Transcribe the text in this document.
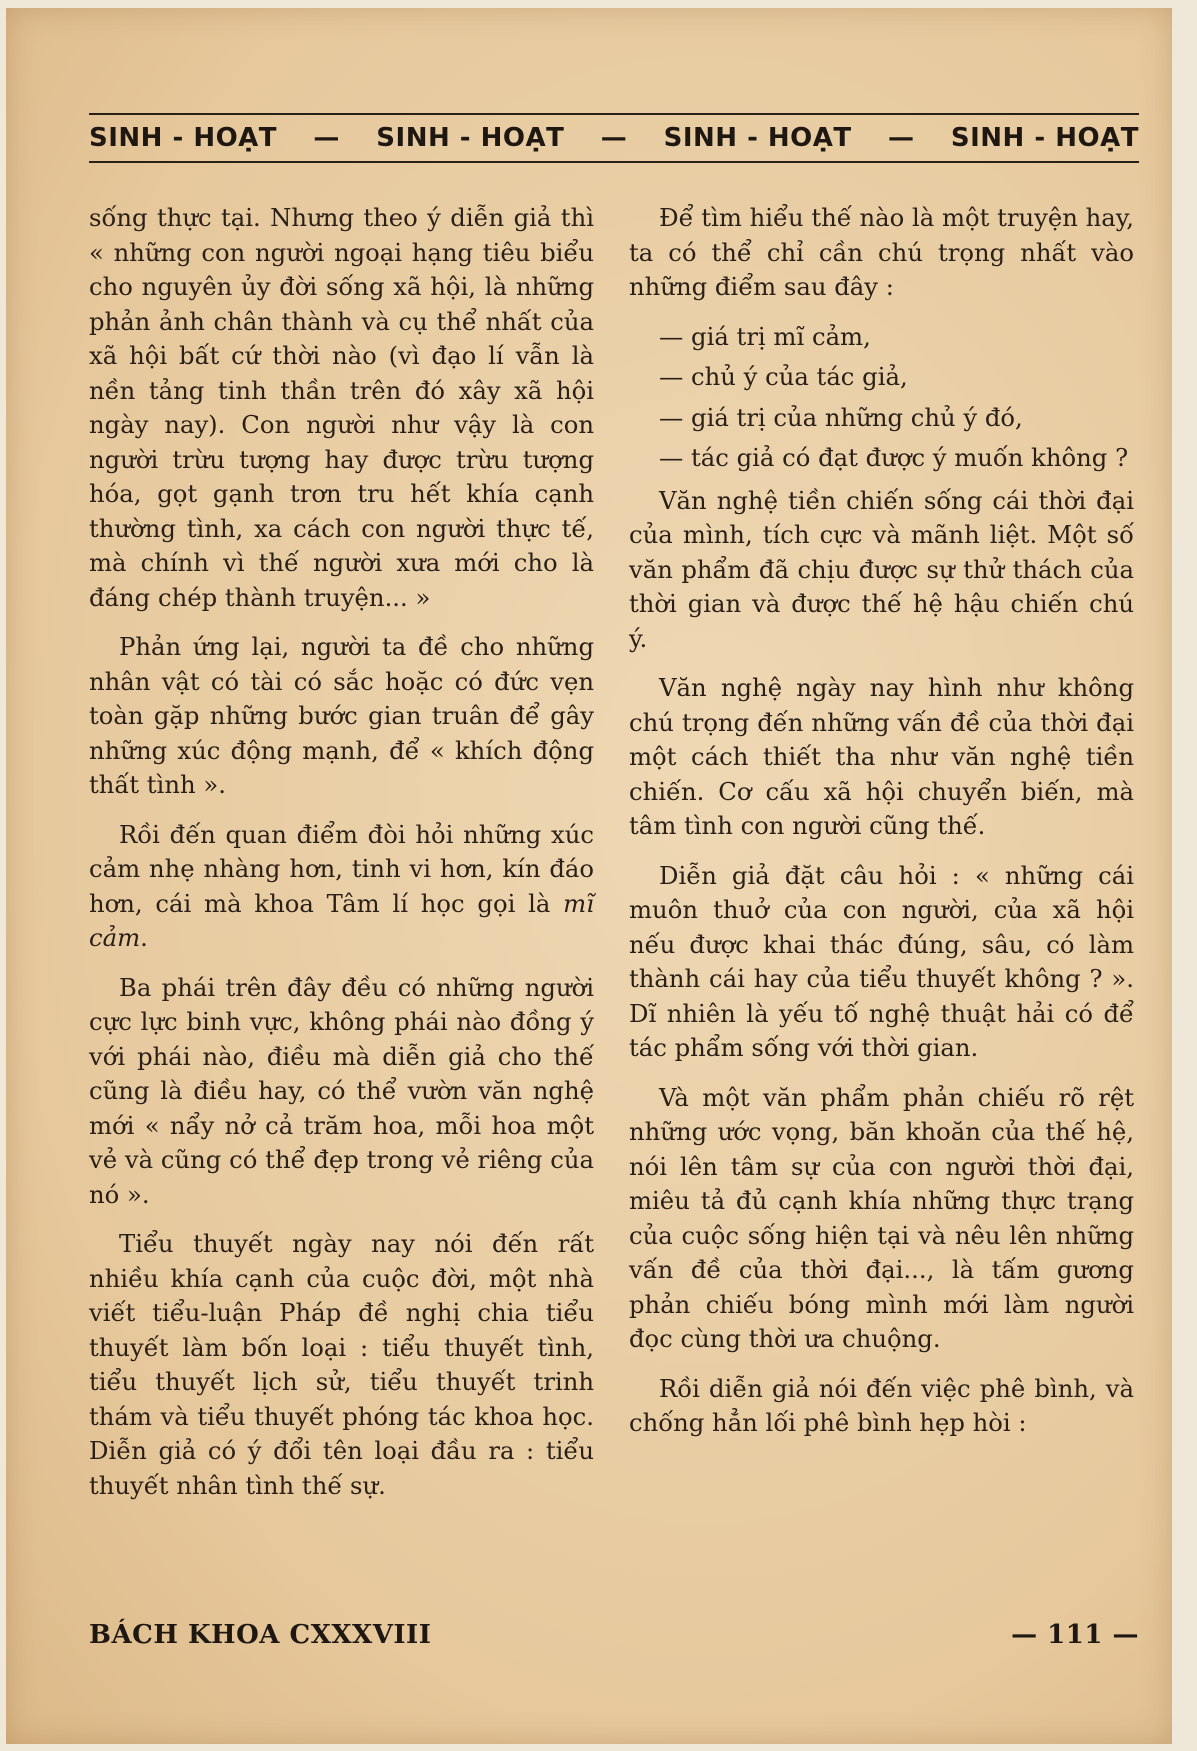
SINH - HOẠT — SINH - HOẠT — SINH - HOẠT — SINH - HOẠT

sống thực tại. Nhưng theo ý diễn giả thì « những con người ngoại hạng tiêu biểu cho nguyên ủy đời sống xã hội, là những phản ảnh chân thành và cụ thể nhất của xã hội bất cứ thời nào (vì đạo lí vẫn là nền tảng tinh thần trên đó xây xã hội ngày nay). Con người như vậy là con người trừu tượng hay được trừu tượng hóa, gọt gạnh trơn tru hết khía cạnh thường tình, xa cách con người thực tế, mà chính vì thế người xưa mới cho là đáng chép thành truyện... »

Phản ứng lại, người ta đề cho những nhân vật có tài có sắc hoặc có đức vẹn toàn gặp những bước gian truân để gây những xúc động mạnh, để « khích động thất tình ».

Rồi đến quan điểm đòi hỏi những xúc cảm nhẹ nhàng hơn, tinh vi hơn, kín đáo hơn, cái mà khoa Tâm lí học gọi là mĩ cảm.

Ba phái trên đây đều có những người cực lực binh vực, không phái nào đồng ý với phái nào, điều mà diễn giả cho thế cũng là điều hay, có thể vườn văn nghệ mới « nẩy nở cả trăm hoa, mỗi hoa một vẻ và cũng có thể đẹp trong vẻ riêng của nó ».

Tiểu thuyết ngày nay nói đến rất nhiều khía cạnh của cuộc đời, một nhà viết tiểu-luận Pháp đề nghị chia tiểu thuyết làm bốn loại : tiểu thuyết tình, tiểu thuyết lịch sử, tiểu thuyết trinh thám và tiểu thuyết phóng tác khoa học. Diễn giả có ý đổi tên loại đầu ra : tiểu thuyết nhân tình thế sự.

Để tìm hiểu thế nào là một truyện hay, ta có thể chỉ cần chú trọng nhất vào những điểm sau đây :

— giá trị mĩ cảm,
— chủ ý của tác giả,
— giá trị của những chủ ý đó,
— tác giả có đạt được ý muốn không ?

Văn nghệ tiền chiến sống cái thời đại của mình, tích cực và mãnh liệt. Một số văn phẩm đã chịu được sự thử thách của thời gian và được thế hệ hậu chiến chú ý.

Văn nghệ ngày nay hình như không chú trọng đến những vấn đề của thời đại một cách thiết tha như văn nghệ tiền chiến. Cơ cấu xã hội chuyển biến, mà tâm tình con người cũng thế.

Diễn giả đặt câu hỏi : « những cái muôn thuở của con người, của xã hội nếu được khai thác đúng, sâu, có làm thành cái hay của tiểu thuyết không ? ». Dĩ nhiên là yếu tố nghệ thuật hải có để tác phẩm sống với thời gian.

Và một văn phẩm phản chiếu rõ rệt những ước vọng, băn khoăn của thế hệ, nói lên tâm sự của con người thời đại, miêu tả đủ cạnh khía những thực trạng của cuộc sống hiện tại và nêu lên những vấn đề của thời đại..., là tấm gương phản chiếu bóng mình mới làm người đọc cùng thời ưa chuộng.

Rồi diễn giả nói đến việc phê bình, và chống hẳn lối phê bình hẹp hòi :

BÁCH KHOA CXXXVIII	— 111 —
